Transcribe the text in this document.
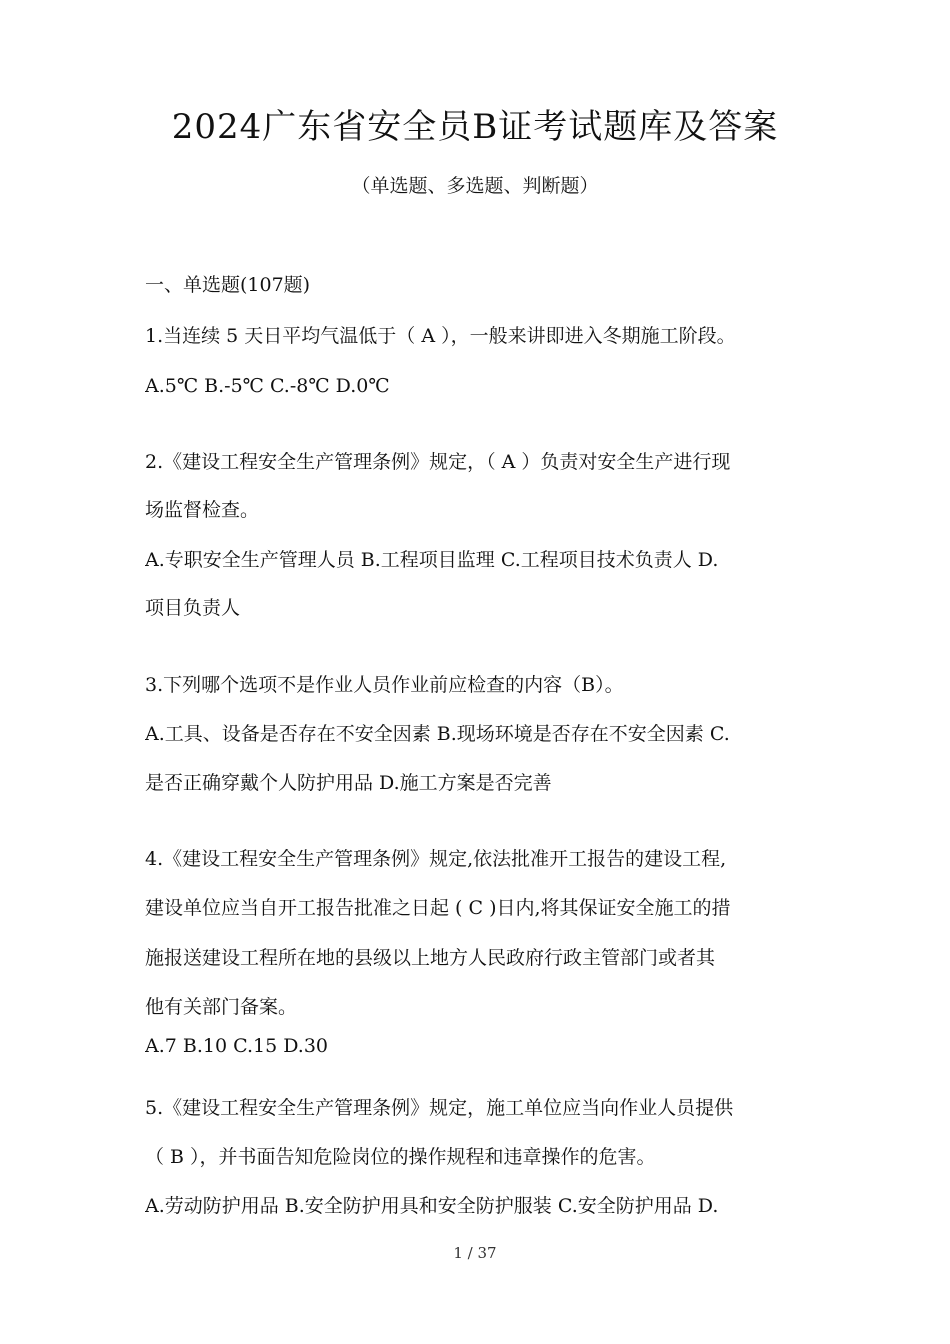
2024广东省安全员B证考试题库及答案
（单选题、多选题、判断题）
一、单选题(107题)
1.当连续 5 天日平均气温低于（ A ），一般来讲即进入冬期施工阶段。
A.5℃ B.-5℃ C.-8℃ D.0℃
2.《建设工程安全生产管理条例》规定，（ A ）负责对安全生产进行现
场监督检查。
A.专职安全生产管理人员 B.工程项目监理 C.工程项目技术负责人 D.
项目负责人
3.下列哪个选项不是作业人员作业前应检查的内容（B）。
A.工具、设备是否存在不安全因素 B.现场环境是否存在不安全因素 C.
是否正确穿戴个人防护用品 D.施工方案是否完善
4.《建设工程安全生产管理条例》规定,依法批准开工报告的建设工程,
建设单位应当自开工报告批准之日起 ( C )日内,将其保证安全施工的措
施报送建设工程所在地的县级以上地方人民政府行政主管部门或者其
他有关部门备案。
A.7 B.10 C.15 D.30
5.《建设工程安全生产管理条例》规定，施工单位应当向作业人员提供
（ B ），并书面告知危险岗位的操作规程和违章操作的危害。
A.劳动防护用品 B.安全防护用具和安全防护服装 C.安全防护用品 D.
1 / 37
